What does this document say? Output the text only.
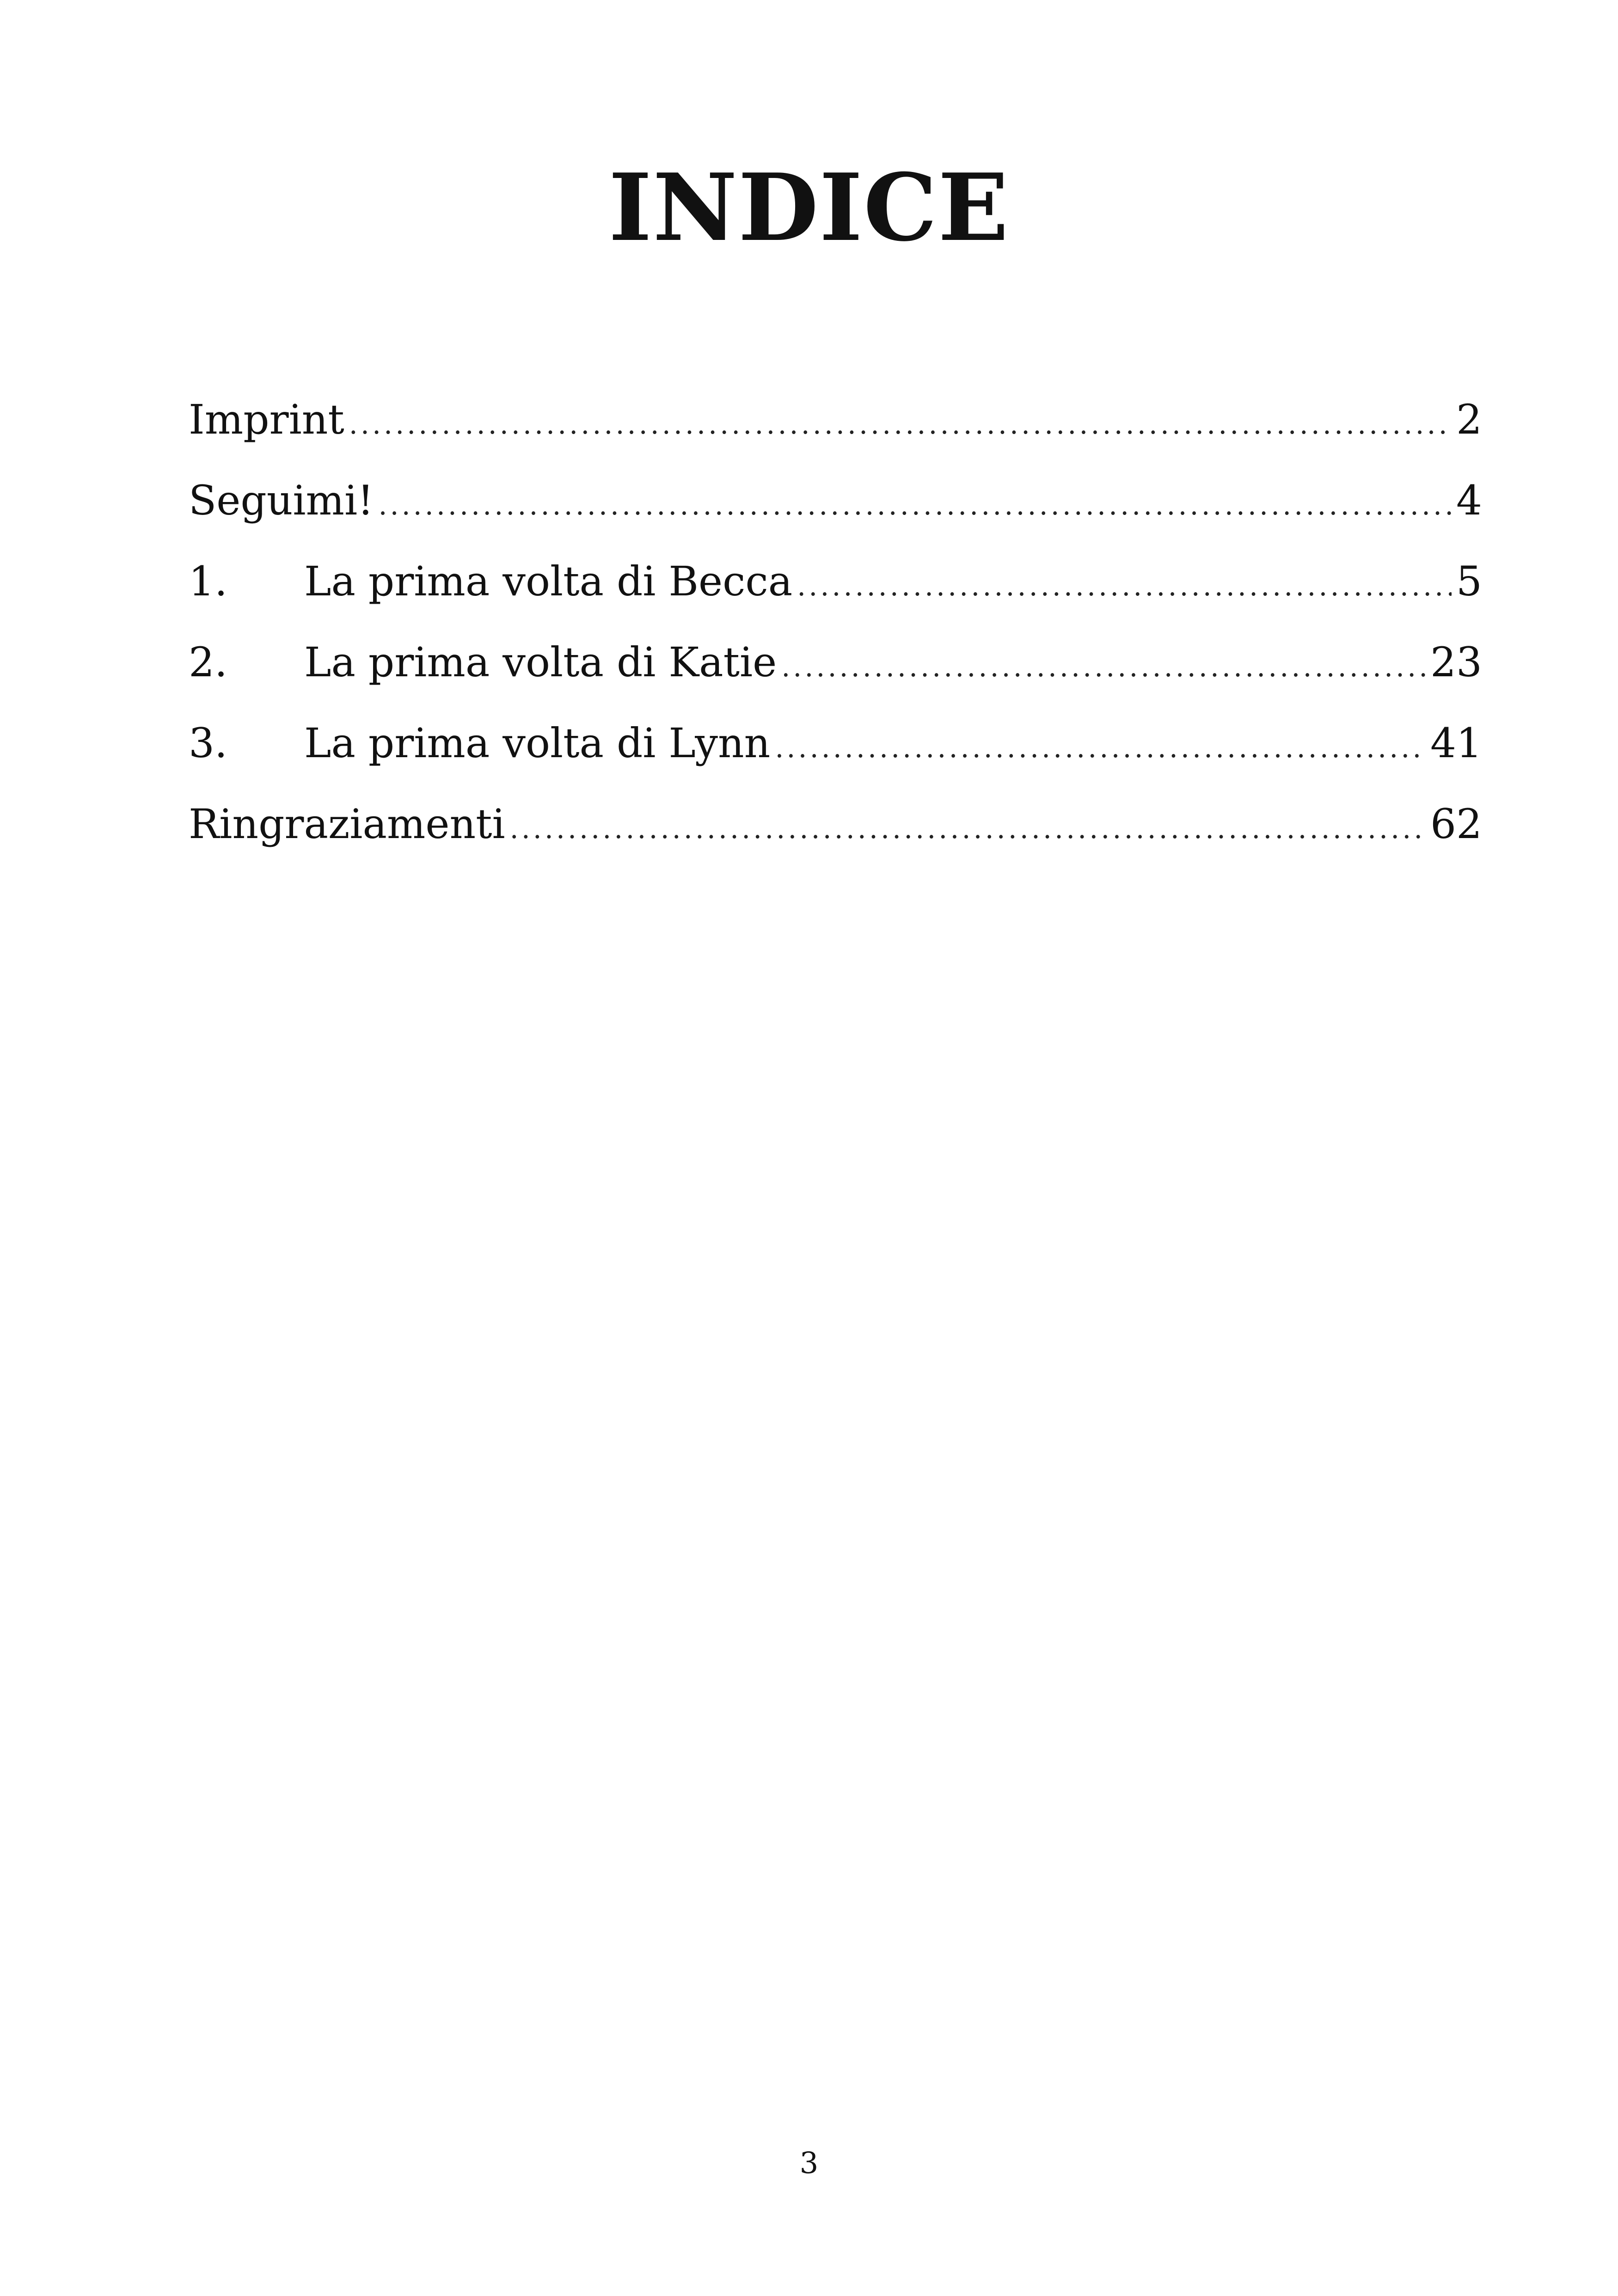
INDICE
Imprint .....	2
Seguimi! .....	4
1.	La prima volta di Becca .....	5
2.	La prima volta di Katie .....	23
3.	La prima volta di Lynn .....	41
Ringraziamenti .....	62
3
